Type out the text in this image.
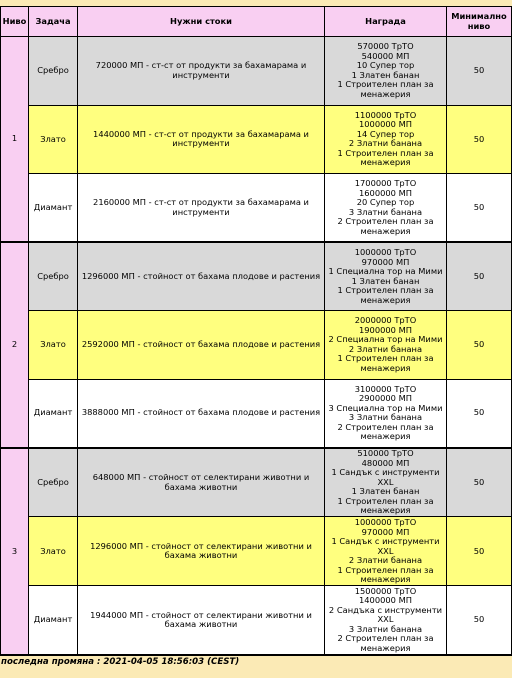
Ниво	Задача	Нужни стоки	Награда	Минимално ниво
1	Сребро	720000 МП - ст-ст от продукти за бахамарама и инструменти	570000 ТрТО
540000 МП
10 Супер тор
1 Златен банан
1 Строителен план за менажерия	50
	Злато	1440000 МП - ст-ст от продукти за бахамарама и инструменти	1100000 ТрТО
1000000 МП
14 Супер тор
2 Златни банана
1 Строителен план за менажерия	50
	Диамант	2160000 МП - ст-ст от продукти за бахамарама и инструменти	1700000 ТрТО
1600000 МП
20 Супер тор
3 Златни банана
2 Строителен план за менажерия	50
2	Сребро	1296000 МП - стойност от бахама плодове и растения	1000000 ТрТО
970000 МП
1 Специална тор на Мими
1 Златен банан
1 Строителен план за менажерия	50
	Злато	2592000 МП - стойност от бахама плодове и растения	2000000 ТрТО
1900000 МП
2 Специална тор на Мими
2 Златни банана
1 Строителен план за менажерия	50
	Диамант	3888000 МП - стойност от бахама плодове и растения	3100000 ТрТО
2900000 МП
3 Специална тор на Мими
3 Златни банана
2 Строителен план за менажерия	50
3	Сребро	648000 МП - стойност от селектирани животни и бахама животни	510000 ТрТО
480000 МП
1 Сандък с инструменти XXL
1 Златен банан
1 Строителен план за менажерия	50
	Злато	1296000 МП - стойност от селектирани животни и бахама животни	1000000 ТрТО
970000 МП
1 Сандък с инструменти XXL
2 Златни банана
1 Строителен план за менажерия	50
	Диамант	1944000 МП - стойност от селектирани животни и бахама животни	1500000 ТрТО
1400000 МП
2 Сандъка с инструменти XXL
3 Златни банана
2 Строителен план за менажерия	50
последна промяна : 2021-04-05 18:56:03 (CEST)
